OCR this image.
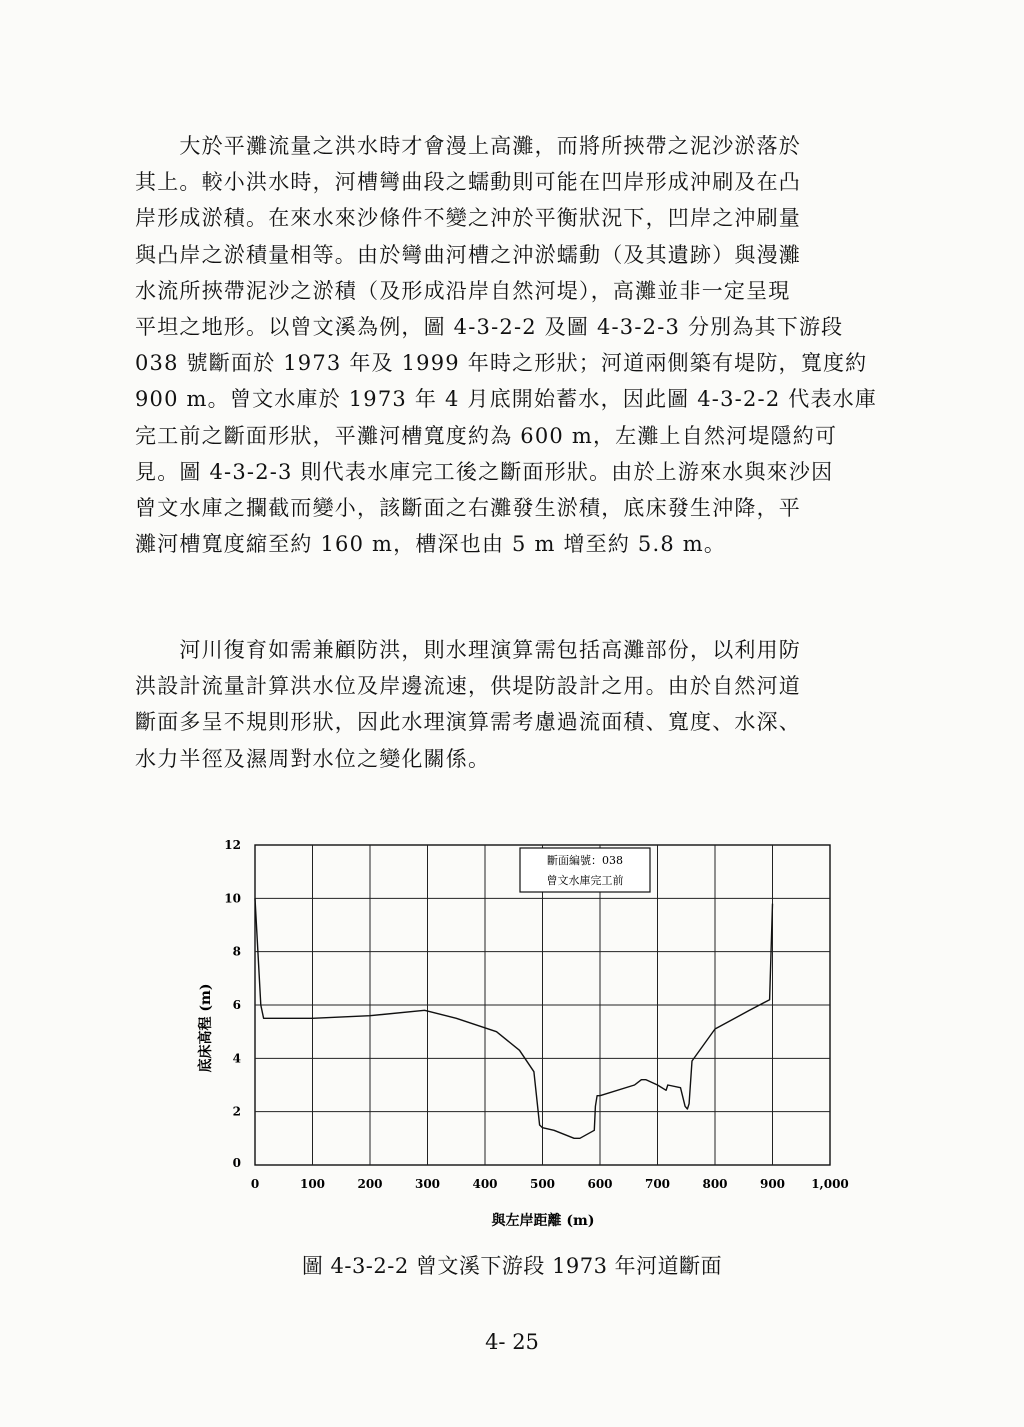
　　大於平灘流量之洪水時才會漫上高灘，而將所挾帶之泥沙淤落於
其上。較小洪水時，河槽彎曲段之蠕動則可能在凹岸形成沖刷及在凸
岸形成淤積。在來水來沙條件不變之沖於平衡狀況下，凹岸之沖刷量
與凸岸之淤積量相等。由於彎曲河槽之沖淤蠕動（及其遺跡）與漫灘
水流所挾帶泥沙之淤積（及形成沿岸自然河堤），高灘並非一定呈現
平坦之地形。以曾文溪為例，圖 4-3-2-2 及圖 4-3-2-3 分別為其下游段
038 號斷面於 1973 年及 1999 年時之形狀；河道兩側築有堤防，寬度約
900 m。曾文水庫於 1973 年 4 月底開始蓄水，因此圖 4-3-2-2 代表水庫
完工前之斷面形狀，平灘河槽寬度約為 600 m，左灘上自然河堤隱約可
見。圖 4-3-2-3 則代表水庫完工後之斷面形狀。由於上游來水與來沙因
曾文水庫之攔截而變小，該斷面之右灘發生淤積，底床發生沖降，平
灘河槽寬度縮至約 160 m，槽深也由 5 m 增至約 5.8 m。
　　河川復育如需兼顧防洪，則水理演算需包括高灘部份，以利用防
洪設計流量計算洪水位及岸邊流速，供堤防設計之用。由於自然河道
斷面多呈不規則形狀，因此水理演算需考慮過流面積、寬度、水深、
水力半徑及濕周對水位之變化關係。
0	100	200	300	400	500	600	700	800	900 1,000
0
2
4
6
8
10
12
與左岸距離 (m)
底床高程 (m)
斷面編號：038
曾文水庫完工前
圖 4-3-2-2 曾文溪下游段 1973 年河道斷面
4- 25
